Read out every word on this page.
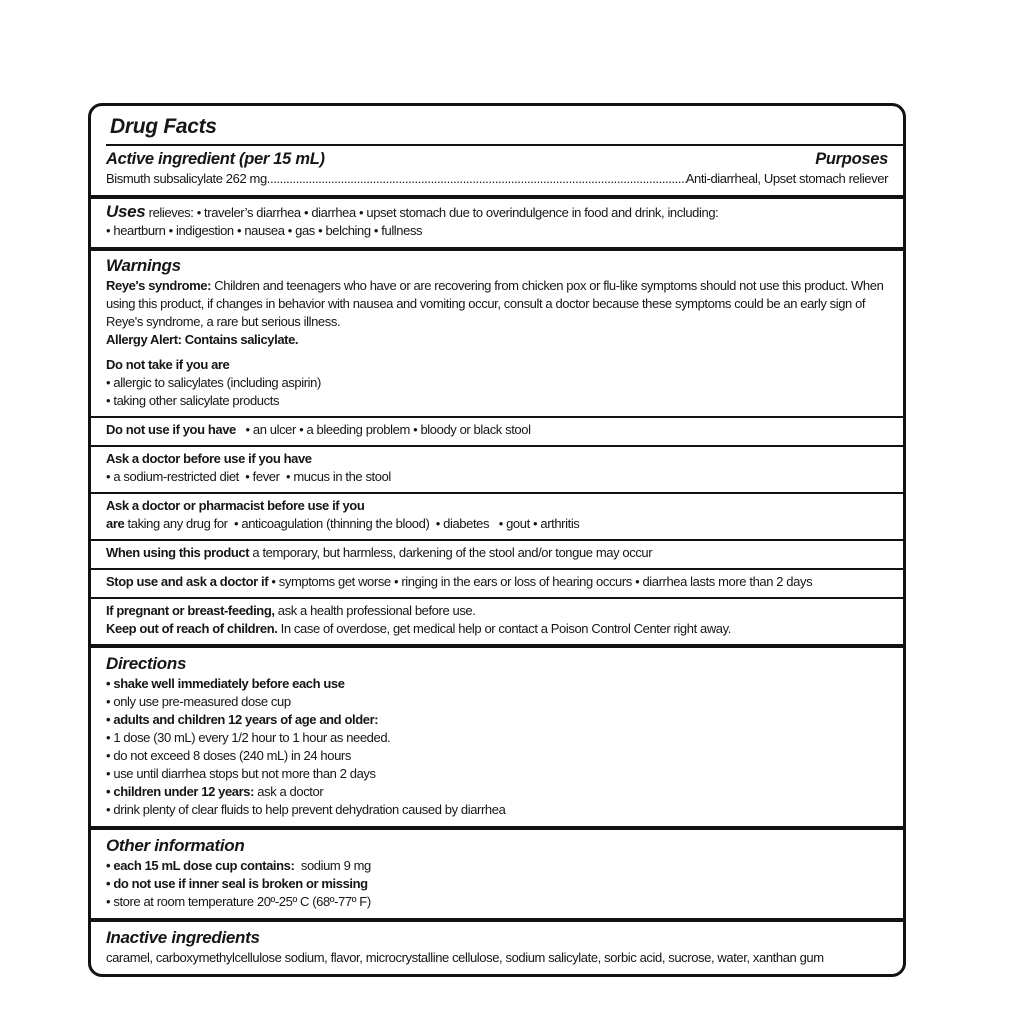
Drug Facts
Active ingredient (per 15 mL)	Purposes
Bismuth subsalicylate 262 mg .....	Anti-diarrheal, Upset stomach reliever

Uses relieves: • traveler’s diarrhea • diarrhea • upset stomach due to overindulgence in food and drink, including:

• heartburn • indigestion • nausea • gas • belching • fullness

Warnings

Reye's syndrome: Children and teenagers who have or are recovering from chicken pox or flu-like symptoms should not use this product. When using this product, if changes in behavior with nausea and vomiting occur, consult a doctor because these symptoms could be an early sign of Reye's syndrome, a rare but serious illness.

Allergy Alert: Contains salicylate.

Do not take if you are

• allergic to salicylates (including aspirin)

• taking other salicylate products

Do not use if you have   • an ulcer • a bleeding problem • bloody or black stool

Ask a doctor before use if you have

• a sodium-restricted diet  • fever  • mucus in the stool

Ask a doctor or pharmacist before use if you

are taking any drug for  • anticoagulation (thinning the blood)  • diabetes   • gout • arthritis

When using this product a temporary, but harmless, darkening of the stool and/or tongue may occur

Stop use and ask a doctor if • symptoms get worse • ringing in the ears or loss of hearing occurs • diarrhea lasts more than 2 days

If pregnant or breast-feeding, ask a health professional before use.

Keep out of reach of children. In case of overdose, get medical help or contact a Poison Control Center right away.

Directions

• shake well immediately before each use

• only use pre-measured dose cup

• adults and children 12 years of age and older:

• 1 dose (30 mL) every 1/2 hour to 1 hour as needed.

• do not exceed 8 doses (240 mL) in 24 hours

• use until diarrhea stops but not more than 2 days

• children under 12 years: ask a doctor

• drink plenty of clear fluids to help prevent dehydration caused by diarrhea

Other information

• each 15 mL dose cup contains:  sodium 9 mg

• do not use if inner seal is broken or missing

• store at room temperature 20º-25º C (68º-77º F)

Inactive ingredients

caramel, carboxymethylcellulose sodium, flavor, microcrystalline cellulose, sodium salicylate, sorbic acid, sucrose, water, xanthan gum
